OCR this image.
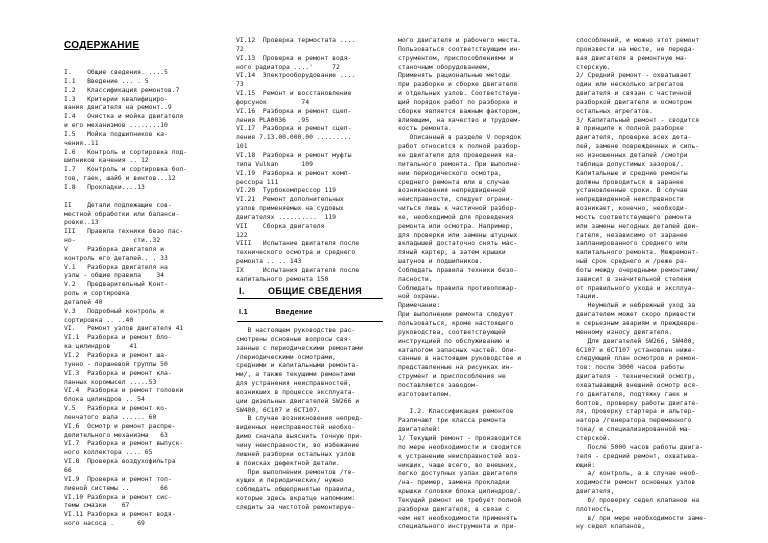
СОДЕРЖАНИЕ
I.    Общие сведения. ....5
I.1   Введение ... . 5
I.2   Классификация ремонтов.7
I.3   Критерии квалифициро-
вания двигателя на ремонт..9
I.4   Очистка и мойка двигателя
и его механизмов ........10
I.5   Мойка подшипников ка-
чения..11
I.6   Контроль и сортировка под-
шипников качения .. 12
I.7   Контроль и сортировка бол-
тов, гаек, шайб и винтов...12
I.8   Прокладки....13

II    Детали подлежащие сов-
местной обработки или баланси-
ровке..13
III   Правила техники безо пас-
но-               сти..32
V     Разборка двигателя и
контроль его деталей.. . 33
V.1   Разборка двигателя на
узлы - общие правила    34
V.2   Предварительный Конт-
роль и сортировка
деталей 40
V.3   Подробный контроль и
сортировка .. ..40
VI.   Ремонт узлов двигателя 41
VI.1  Разборка и ремонт бло-
ка цилиндров     41
VI.2  Разборка и ремонт ша-
тунно - поршневой группы 50
VI.3  Разборка и ремонт кла-
панных коромысел .....53
VI.4  Разборка и ремонт головки
блока цилиндров .. 54
V.5   Разборка и ремонт ко-
ленчатого вала ...... 60
VI.6  Осмотр и ремонт распре-
делительного механизма   63
VI.7  Разборка и ремонт выпуск-
ного коллектора .... 65
VI.8  Проверка воздухофильтра
66
VI.9  Проверка и ремонт топ-
ливной системы ..        66
VI.10 Разборка и ремонт сис-
темы смазки    67
VI.11 Разборка и ремонт водя-
ного насоса .      69
VI.12  Проверка термостата ....
72
VI.13  Проверка и ремонт водя-
ного радиатора ....'     72
VI.14  Электрооборудование ....
73
VI.15  Ремонт и восстановление
форсунок         74
VI.16  Разборка и ремонт сцеп-
ления PLA0036   .95
VI.17  Разборка и ремонт сцеп-
ления 7.13.00.000.00 .........
101
VI.18  Разборка и ремонт муфты
типа Vulkan      109
VI.19  Разборка и ремонт комп-
рессора 111
VI.20  Турбокомпрессор 119
VI.21  Ремонт дополнительных
узлов применяемых на судовых
двигателях ..........  119
VII    Сборка двигателя
122
VIII   Испытание двигателя после
технического осмотра и среднего
ремонта .. .. 143
IX     Испытания двигателя после
капитального ремонта 150
I.        ОБЩИЕ СВЕДЕНИЯ
I.1            Введение
В настоящем руководстве рас-
смотрены основные вопросы свя-
занные с периодическими ремонтами
/периодическими осмотрами,
средними и капитальными ремонта-
ми/, а также текущими ремонтами
для устранения неисправностей,
возникших в процессе эксплуата-
ции дизельных двигателей SW266 и
SW400, 6C107 и 6CT107.
В случае возникновения непред-
виденных неисправностей необхо-
димо сначала выяснить точную при-
чину неисправности, во избежание
лишней разборки остальных узлов
в поисках дефектной детали.
При выполнении ремонтов /те-
кущих и периодических/ нужно
соблюдать общепринятые правила,
которые здесь вкратце напомним:
следить за чистотой ремонтируе-
мого двигателя и рабочего места.
Пользоваться соответствующим ин-
струментом, приспособлениями и
станочным оборудованием,
Применять рациональные методы
при разборке и сборке двигателя
и отдельных узлов. Соответствую-
щий порядок работ по разборке и
сборке является важным фактором,
влияющим, на качество и трудоем-
кость ремонта.
Описанный в разделе V порядок
работ относится к полной разбор-
ке двигателя для проведения ка-
питального ремонта. При выполне-
нии периодического осмотра,
среднего ремонта или в случае
возникновения непредвиденной
неисправности, следует ограни-
читься лишь к частичной разбор-
ке, необходимой для проведения
ремонта или осмотра. Например,
для проверки или замены штуцных
вкладышей достаточно снять мас-
ляный картер, а затем крышки
шатунов и подшипников.
Соблюдать правила техники безо-
пасности.
Соблюдать правила противопожар-
ной охраны.
Примечание:
При выполнении ремонта следует
пользоваться, кроме настоящего
руководства, соответствующей
инструкцией по обслуживанию и
каталогом запасных частей. Опи-
санные в настоящем руководстве и
представленные на рисунках ин-
струмент и приспособления не
поставляются заводом-
изготовителем.

I.2. Классификация ремонтов
Различают три класса ремонта
двигателей:
1/ Текущий ремонт - производится
по мере необходимости и сводится
к устранению неисправностей воз-
никших, чаще всего, во внешних,
легко доступных узлах двигателя
/на- пример, замена прокладки
крышки головки блока цилиндров/.
Текущий ремонт не требует полной
разборки двигателя, в связи с
чем нет необходимости применять
специального инструмента и при-
способлений, и можно этот ремонт
произвести на месте, не переда-
вая двигателя в ремонтную ма-
стерскую.
2/ Средний ремонт - охватывает
один или несколько агрегатов
двигателя и связан с частичной
разборкой двигателя и осмотром
остальных агрегатов.
3/ Капитальный ремонт - сводится
в принципе к полной разборке
двигателя, проверке всех дета-
лей, замене поврежденных и силь-
но изношенных деталей /смотри
таблица допустимых зазоров/.
Капитальные и средние ремонты
должны проводиться в заранее
установленные сроки. В случае
непредвиденной неисправности
возникает, конечно, необходи-
мость соответствующего ремонта
или замены негодных деталей дви-
гателя, независимо от заранее
запланированного среднего или
капитального ремонта. Межремонт-
ный срок среднего и /реже ра-
боты между очередными ремонтами/
зависит в значительной степени
от правильного ухода и эксплуа-
тации.
Неумелый и небрежный уход за
двигателем может скоро привести
к серьезным авариям и преждевре-
менному износу двигателя.
Для двигателей SW266, SW400,
6C107 и 6CT107 установлен ниже-
следующий план осмотров и ремон-
тов: после 3000 часов работы
двигателя - технический осмотр,
охватывающий внешний осмотр вся-
го двигателя, подтяжку гаек и
болтов, проверку работы двигате-
ля, проверку стартера и альтер-
натора /генератора переменного
тока/ и специализированной ма-
стерской.
После 5000 часов работы двига-
теля - средний ремонт, охватыва-
ющий:
а/ контроль, а в случае необ-
ходимости ремонт основных узлов
двигателя,
б/ проверку седел клапанов на
плотность,
в/ при мере необходимости заме-
ну седел клапанов,
